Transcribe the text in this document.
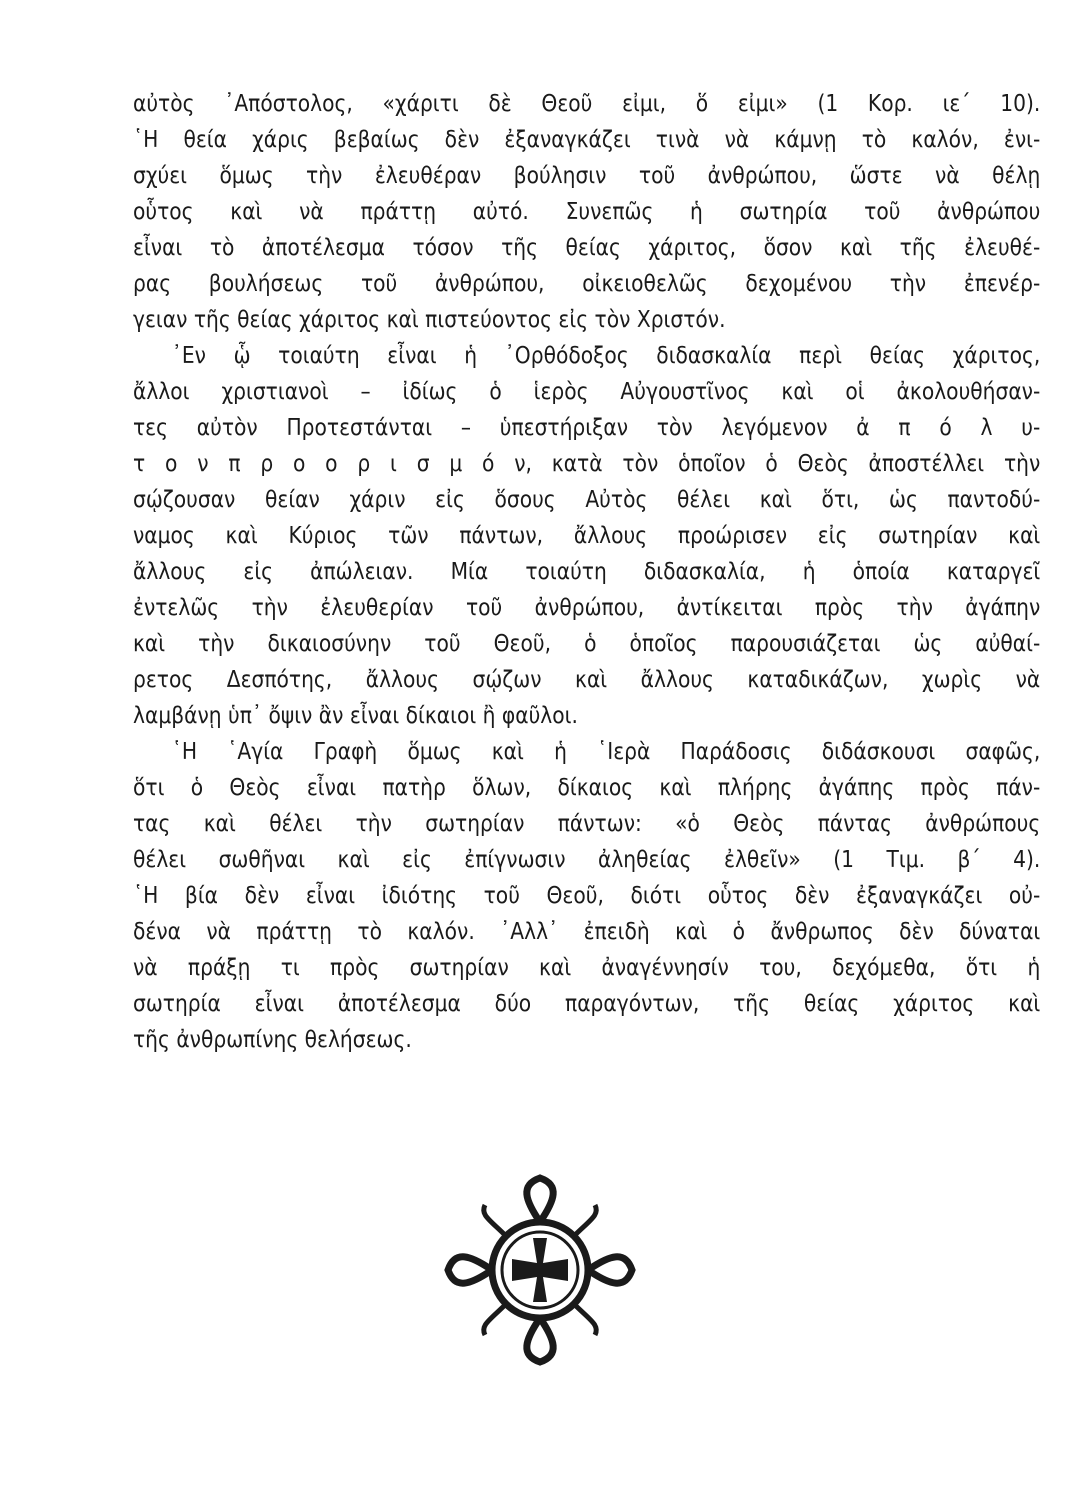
αὐτὸς ᾿Απόστολος, «χάριτι δὲ Θεοῦ εἰμι, ὅ εἰμι» (1 Κορ. ιε΄ 10).
῾Η θεία χάρις βεβαίως δὲν ἐξαναγκάζει τινὰ νὰ κάμνῃ τὸ καλόν, ἐνι-
σχύει ὅμως τὴν ἐλευθέραν βούλησιν τοῦ ἀνθρώπου, ὥστε νὰ θέλῃ
οὗτος καὶ νὰ πράττῃ αὐτό. Συνεπῶς ἡ σωτηρία τοῦ ἀνθρώπου
εἶναι τὸ ἀποτέλεσμα τόσον τῆς θείας χάριτος, ὅσον καὶ τῆς ἐλευθέ-
ρας βουλήσεως τοῦ ἀνθρώπου, οἰκειοθελῶς δεχομένου τὴν ἐπενέρ-
γειαν τῆς θείας χάριτος καὶ πιστεύοντος εἰς τὸν Χριστόν.
᾿Εν ᾧ τοιαύτη εἶναι ἡ ᾿Ορθόδοξος διδασκαλία περὶ θείας χάριτος,
ἄλλοι χριστιανοὶ – ἰδίως ὁ ἱερὸς Αὐγουστῖνος καὶ οἱ ἀκολουθήσαν-
τες αὐτὸν Προτεστάνται – ὑπεστήριξαν τὸν λεγόμενον ἀ π ό λ υ-
τ ο ν π ρ ο ο ρ ι σ μ ό ν, κατὰ τὸν ὁποῖον ὁ Θεὸς ἀποστέλλει τὴν
σῴζουσαν θείαν χάριν εἰς ὅσους Αὐτὸς θέλει καὶ ὅτι, ὡς παντοδύ-
ναμος καὶ Κύριος τῶν πάντων, ἄλλους προώρισεν εἰς σωτηρίαν καὶ
ἄλλους εἰς ἀπώλειαν. Μία τοιαύτη διδασκαλία, ἡ ὁποία καταργεῖ
ἐντελῶς τὴν ἐλευθερίαν τοῦ ἀνθρώπου, ἀντίκειται πρὸς τὴν ἀγάπην
καὶ τὴν δικαιοσύνην τοῦ Θεοῦ, ὁ ὁποῖος παρουσιάζεται ὡς αὐθαί-
ρετος Δεσπότης, ἄλλους σῴζων καὶ ἄλλους καταδικάζων, χωρὶς νὰ
λαμβάνῃ ὑπ᾿ ὄψιν ἂν εἶναι δίκαιοι ἢ φαῦλοι.
῾Η ῾Αγία Γραφὴ ὅμως καὶ ἡ ῾Ιερὰ Παράδοσις διδάσκουσι σαφῶς,
ὅτι ὁ Θεὸς εἶναι πατὴρ ὅλων, δίκαιος καὶ πλήρης ἀγάπης πρὸς πάν-
τας καὶ θέλει τὴν σωτηρίαν πάντων: «ὁ Θεὸς πάντας ἀνθρώπους
θέλει σωθῆναι καὶ εἰς ἐπίγνωσιν ἀληθείας ἐλθεῖν» (1 Τιμ. β΄ 4).
῾Η βία δὲν εἶναι ἰδιότης τοῦ Θεοῦ, διότι οὗτος δὲν ἐξαναγκάζει οὐ-
δένα νὰ πράττῃ τὸ καλόν. ᾿Αλλ᾿ ἐπειδὴ καὶ ὁ ἄνθρωπος δὲν δύναται
νὰ πράξῃ τι πρὸς σωτηρίαν καὶ ἀναγέννησίν του, δεχόμεθα, ὅτι ἡ
σωτηρία εἶναι ἀποτέλεσμα δύο παραγόντων, τῆς θείας χάριτος καὶ
τῆς ἀνθρωπίνης θελήσεως.
